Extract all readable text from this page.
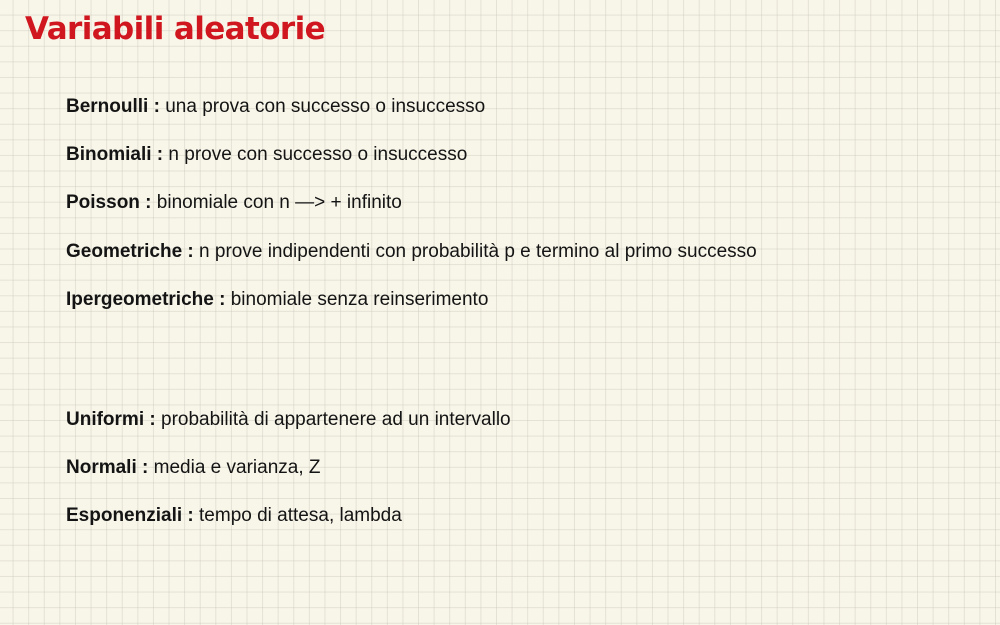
Variabili aleatorie
Bernoulli : una prova con successo o insuccesso
Binomiali : n prove con successo o insuccesso
Poisson : binomiale con n —> + infinito
Geometriche : n prove indipendenti con probabilità p e termino al primo successo
Ipergeometriche : binomiale senza reinserimento
Uniformi : probabilità di appartenere ad un intervallo
Normali : media e varianza, Z
Esponenziali : tempo di attesa, lambda
